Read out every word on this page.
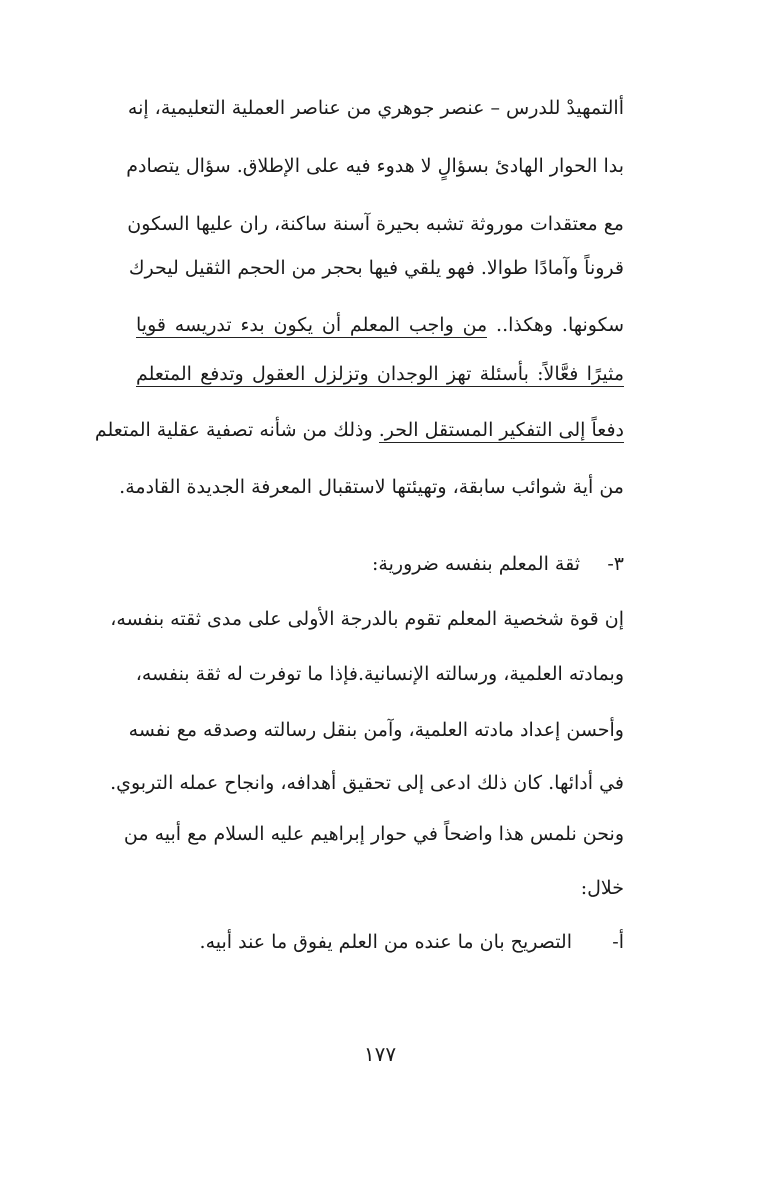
أالتمهيدْ للدرس – عنصر جوهري من عناصر العملية التعليمية، إنه
بدا الحوار الهادئ بسؤالٍ لا هدوء فيه على الإطلاق. سؤال يتصادم
مع معتقدات موروثة تشبه بحيرة آسنة ساكنة، ران عليها السكون
قروناً وآمادًا طوالا. فهو يلقي فيها بحجر من الحجم الثقيل ليحرك
سكونها. وهكذا.. من واجب المعلم أن يكون بدء تدريسه قويا
مثيرًا فعَّالاً: بأسئلة تهز الوجدان وتزلزل العقول وتدفع المتعلم
دفعاً إلى التفكير المستقل الحر. وذلك من شأنه تصفية عقلية المتعلم
من أية شوائب سابقة، وتهيئتها لاستقبال المعرفة الجديدة القادمة.
٣-ثقة المعلم بنفسه ضرورية:
إن قوة شخصية المعلم تقوم بالدرجة الأولى على مدى ثقته بنفسه،
وبمادته العلمية، ورسالته الإنسانية.فإذا ما توفرت له ثقة بنفسه،
وأحسن إعداد مادته العلمية، وآمن بنقل رسالته وصدقه مع نفسه
في أدائها. كان ذلك ادعى إلى تحقيق أهدافه، وانجاح عمله التربوي.
ونحن نلمس هذا واضحاً في حوار إبراهيم عليه السلام مع أبيه من
خلال:
أ-التصريح بان ما عنده من العلم يفوق ما عند أبيه.
١٧٧
